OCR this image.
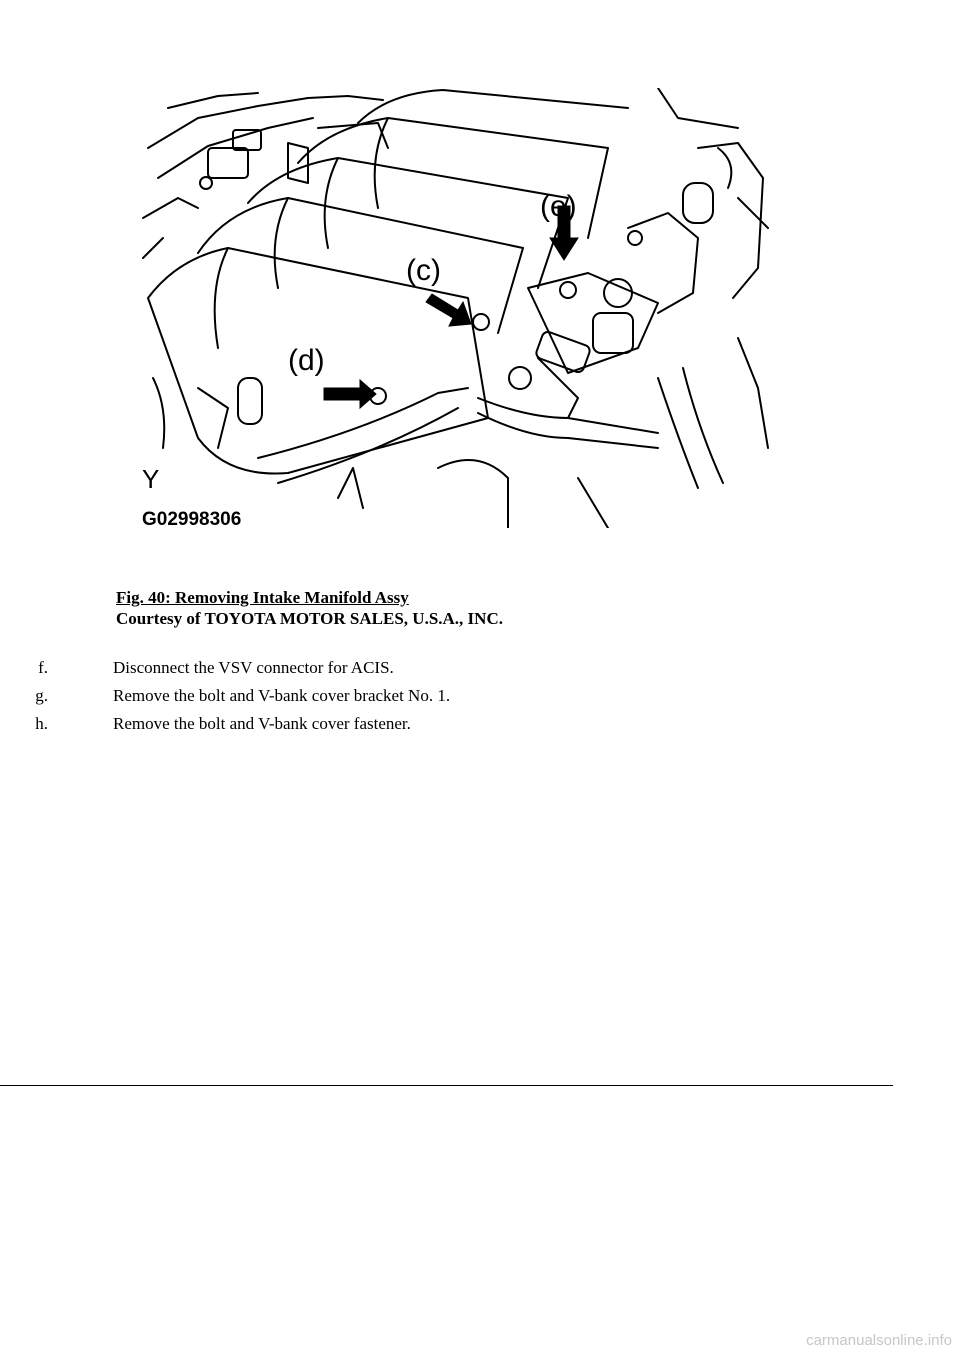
(d)
(c)
(e)
Y
G02998306
Fig. 40: Removing Intake Manifold Assy
Courtesy of TOYOTA MOTOR SALES, U.S.A., INC.
f.	Disconnect the VSV connector for ACIS.
g.	Remove the bolt and V-bank cover bracket No. 1.
h.	Remove the bolt and V-bank cover fastener.
carmanualsonline.info
